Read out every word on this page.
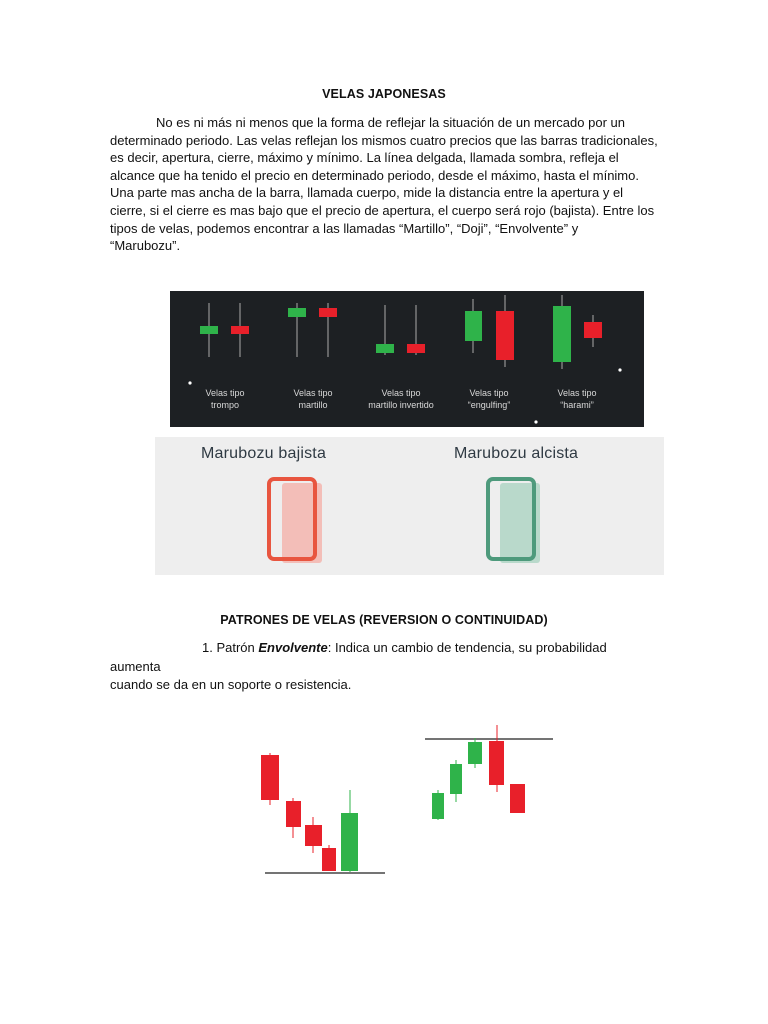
VELAS JAPONESAS
No es ni más ni menos que la forma de reflejar la situación de un mercado por un
determinado periodo. Las velas reflejan los mismos cuatro precios que las barras tradicionales,
es decir, apertura, cierre, máximo y mínimo. La línea delgada, llamada sombra, refleja el
alcance que ha tenido el precio en determinado periodo, desde el máximo, hasta el mínimo.
Una parte mas ancha de la barra, llamada cuerpo, mide la distancia entre la apertura y el
cierre, si el cierre es mas bajo que el precio de apertura, el cuerpo será rojo (bajista). Entre los
tipos de velas, podemos encontrar a las llamadas “Martillo”, “Doji”, “Envolvente” y
“Marubozu”.
Velas tipo
trompo
Velas tipo
martillo
Velas tipo
martillo invertido
Velas tipo
“engulfing”
Velas tipo
“harami”
Marubozu bajista	Marubozu alcista
PATRONES DE VELAS (REVERSION O CONTINUIDAD)
1. Patrón Envolvente: Indica un cambio de tendencia, su probabilidad aumenta
cuando se da en un soporte o resistencia.
